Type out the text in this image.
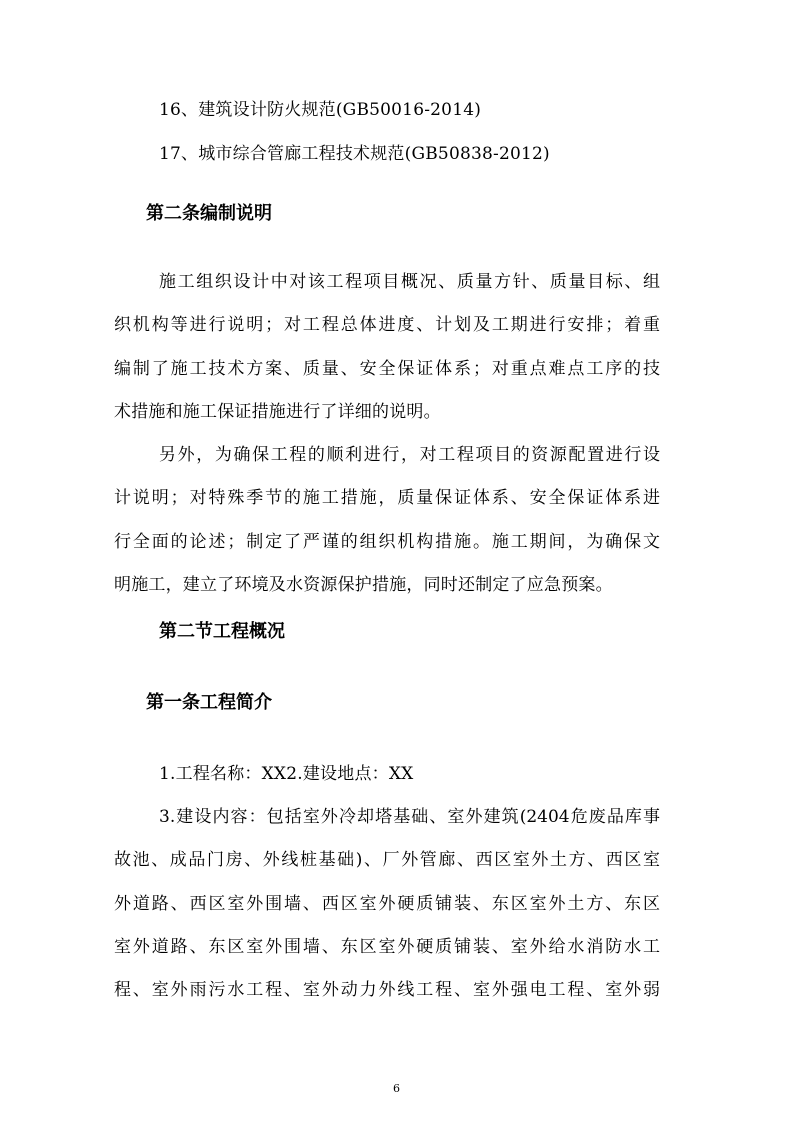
16、建筑设计防火规范(GB50016-2014)
17、城市综合管廊工程技术规范(GB50838-2012)
第二条编制说明
施工组织设计中对该工程项目概况、质量方针、质量目标、组
织机构等进行说明；对工程总体进度、计划及工期进行安排；着重
编制了施工技术方案、质量、安全保证体系；对重点难点工序的技
术措施和施工保证措施进行了详细的说明。
另外，为确保工程的顺利进行，对工程项目的资源配置进行设
计说明；对特殊季节的施工措施，质量保证体系、安全保证体系进
行全面的论述；制定了严谨的组织机构措施。施工期间，为确保文
明施工，建立了环境及水资源保护措施，同时还制定了应急预案。
第二节工程概况
第一条工程简介
1.工程名称：XX2.建设地点：XX
3.建设内容：包括室外冷却塔基础、室外建筑(2404危废品库事
故池、成品门房、外线桩基础)、厂外管廊、西区室外土方、西区室
外道路、西区室外围墙、西区室外硬质铺装、东区室外土方、东区
室外道路、东区室外围墙、东区室外硬质铺装、室外给水消防水工
程、室外雨污水工程、室外动力外线工程、室外强电工程、室外弱
6
